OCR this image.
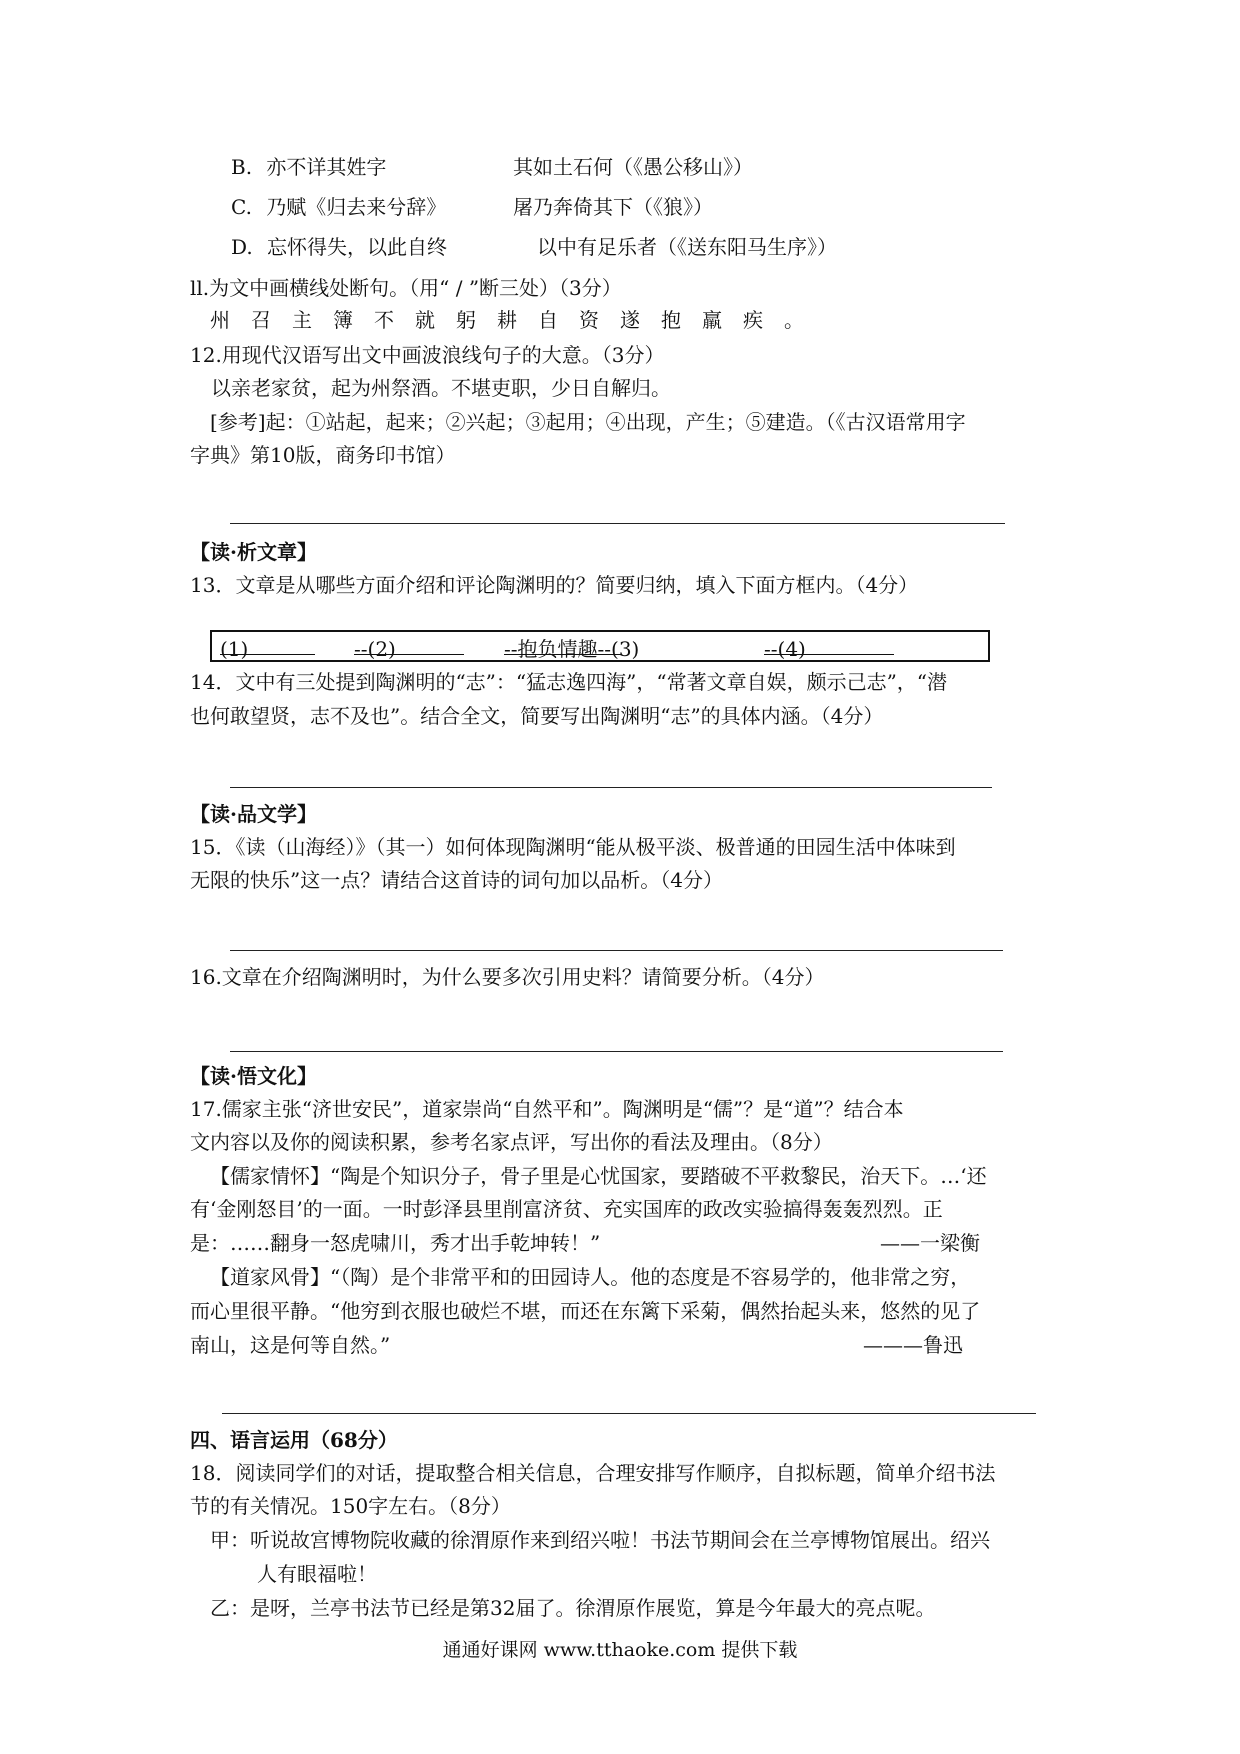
B. 亦不详其姓字	其如土石何（《愚公移山》）
C. 乃赋《归去来兮辞》	屠乃奔倚其下（《狼》）
D. 忘怀得失，以此自终	以中有足乐者（《送东阳马生序》）
ll.为文中画横线处断句。（用“ / ”断三处）（3分）
州召主簿不就躬耕自资遂抱羸疾。
12.用现代汉语写出文中画波浪线句子的大意。（3分）
以亲老家贫，起为州祭酒。不堪吏职，少日自解归。
[参考]起：①站起，起来；②兴起；③起用；④出现，产生；⑤建造。（《古汉语常用字
字典》第10版，商务印书馆）
【读·析文章】
13．文章是从哪些方面介绍和评论陶渊明的？简要归纳，填入下面方框内。（4分）
(1)	--(2)	--抱负情趣--(3)	--(4)
14．文中有三处提到陶渊明的“志”：“猛志逸四海”，“常著文章自娱，颇示己志”，“潜
也何敢望贤，志不及也”。结合全文，简要写出陶渊明“志”的具体内涵。（4分）
【读·品文学】
15．《读（山海经）》（其一）如何体现陶渊明“能从极平淡、极普通的田园生活中体味到
无限的快乐”这一点？请结合这首诗的词句加以品析。（4分）
16.文章在介绍陶渊明时，为什么要多次引用史料？请简要分析。（4分）
【读·悟文化】
17.儒家主张“济世安民”，道家崇尚“自然平和”。陶渊明是“儒”？是“道”？结合本
文内容以及你的阅读积累，参考名家点评，写出你的看法及理由。（8分）
【儒家情怀】“陶是个知识分子，骨子里是心忧国家，要踏破不平救黎民，治天下。…‘还
有‘金刚怒目’的一面。一时彭泽县里削富济贫、充实国库的政改实验搞得轰轰烈烈。正
是：……翻身一怒虎啸川，秀才出手乾坤转！”	——一梁衡
【道家风骨】“（陶）是个非常平和的田园诗人。他的态度是不容易学的，他非常之穷，
而心里很平静。“他穷到衣服也破烂不堪，而还在东篱下采菊，偶然抬起头来，悠然的见了
南山，这是何等自然。”	———鲁迅
四、语言运用（68分）
18．阅读同学们的对话，提取整合相关信息，合理安排写作顺序，自拟标题，简单介绍书法
节的有关情况。150字左右。（8分）
甲：听说故宫博物院收藏的徐渭原作来到绍兴啦！书法节期间会在兰亭博物馆展出。绍兴
人有眼福啦！
乙：是呀，兰亭书法节已经是第32届了。徐渭原作展览，算是今年最大的亮点呢。
通通好课网 www.tthaoke.com 提供下载
